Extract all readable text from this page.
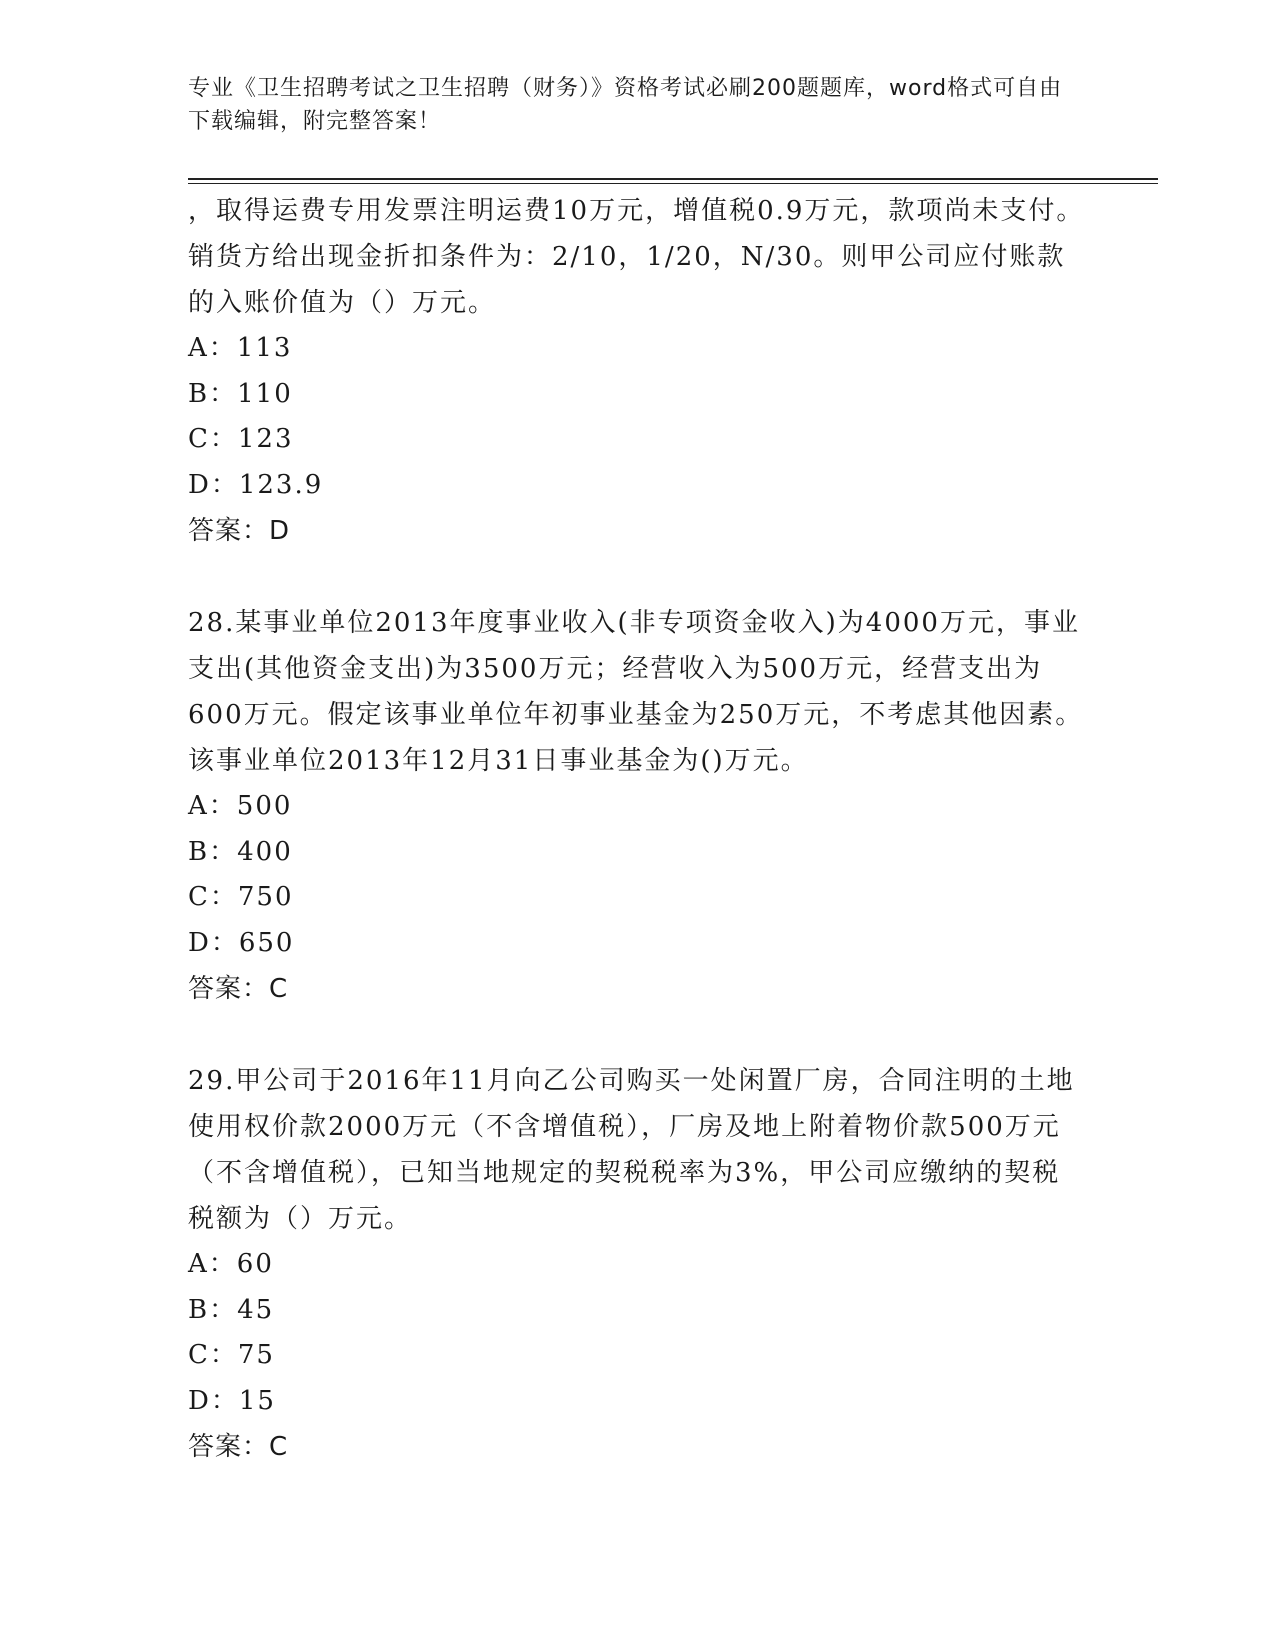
专业《卫生招聘考试之卫生招聘（财务）》资格考试必刷200题题库，word格式可自由下载编辑，附完整答案！

，取得运费专用发票注明运费10万元，增值税0.9万元，款项尚未支付。销货方给出现金折扣条件为：2/10，1/20，N/30。则甲公司应付账款的入账价值为（）万元。

A：113

B：110

C：123

D：123.9

答案：D

28.某事业单位2013年度事业收入(非专项资金收入)为4000万元，事业支出(其他资金支出)为3500万元；经营收入为500万元，经营支出为600万元。假定该事业单位年初事业基金为250万元，不考虑其他因素。该事业单位2013年12月31日事业基金为()万元。

A：500

B：400

C：750

D：650

答案：C

29.甲公司于2016年11月向乙公司购买一处闲置厂房，合同注明的土地使用权价款2000万元（不含增值税），厂房及地上附着物价款500万元（不含增值税），已知当地规定的契税税率为3%，甲公司应缴纳的契税税额为（）万元。

A：60

B：45

C：75

D：15

答案：C
